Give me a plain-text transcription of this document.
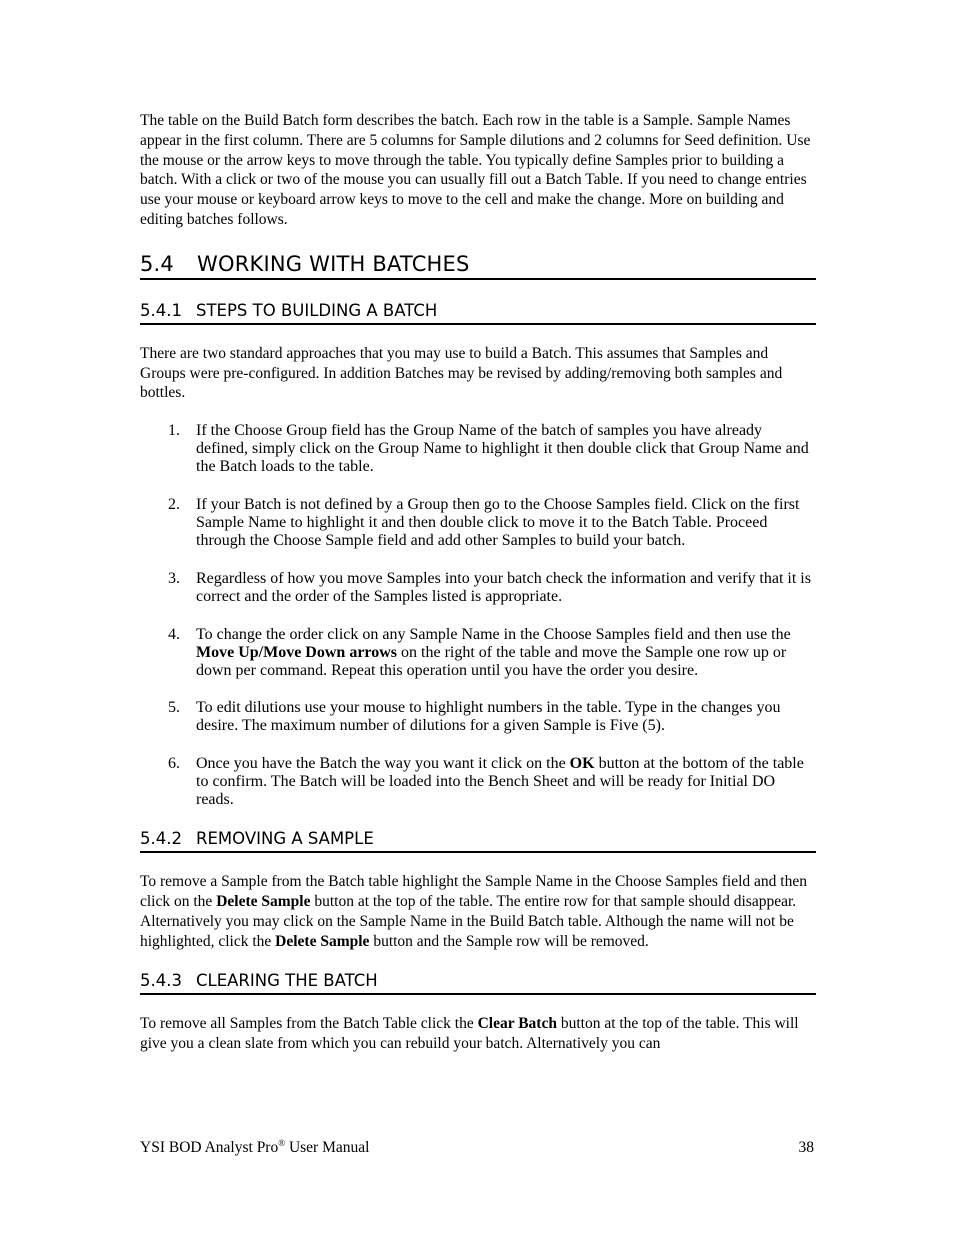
The table on the Build Batch form describes the batch. Each row in the table is a Sample. Sample Names appear in the first column. There are 5 columns for Sample dilutions and 2 columns for Seed definition. Use the mouse or the arrow keys to move through the table. You typically define Samples prior to building a batch. With a click or two of the mouse you can usually fill out a Batch Table. If you need to change entries use your mouse or keyboard arrow keys to move to the cell and make the change. More on building and editing batches follows.

5.4 WORKING WITH BATCHES
5.4.1 STEPS TO BUILDING A BATCH

There are two standard approaches that you may use to build a Batch. This assumes that Samples and Groups were pre-configured. In addition Batches may be revised by adding/removing both samples and bottles.

1. If the Choose Group field has the Group Name of the batch of samples you have already defined, simply click on the Group Name to highlight it then double click that Group Name and the Batch loads to the table.
2. If your Batch is not defined by a Group then go to the Choose Samples field. Click on the first Sample Name to highlight it and then double click to move it to the Batch Table. Proceed through the Choose Sample field and add other Samples to build your batch.
3. Regardless of how you move Samples into your batch check the information and verify that it is correct and the order of the Samples listed is appropriate.
4. To change the order click on any Sample Name in the Choose Samples field and then use the Move Up/Move Down arrows on the right of the table and move the Sample one row up or down per command. Repeat this operation until you have the order you desire.
5. To edit dilutions use your mouse to highlight numbers in the table. Type in the changes you desire. The maximum number of dilutions for a given Sample is Five (5).
6. Once you have the Batch the way you want it click on the OK button at the bottom of the table to confirm. The Batch will be loaded into the Bench Sheet and will be ready for Initial DO reads.
5.4.2 REMOVING A SAMPLE

To remove a Sample from the Batch table highlight the Sample Name in the Choose Samples field and then click on the Delete Sample button at the top of the table. The entire row for that sample should disappear. Alternatively you may click on the Sample Name in the Build Batch table. Although the name will not be highlighted, click the Delete Sample button and the Sample row will be removed.

5.4.3 CLEARING THE BATCH

To remove all Samples from the Batch Table click the Clear Batch button at the top of the table. This will give you a clean slate from which you can rebuild your batch. Alternatively you can

YSI BOD Analyst Pro® User Manual	38
